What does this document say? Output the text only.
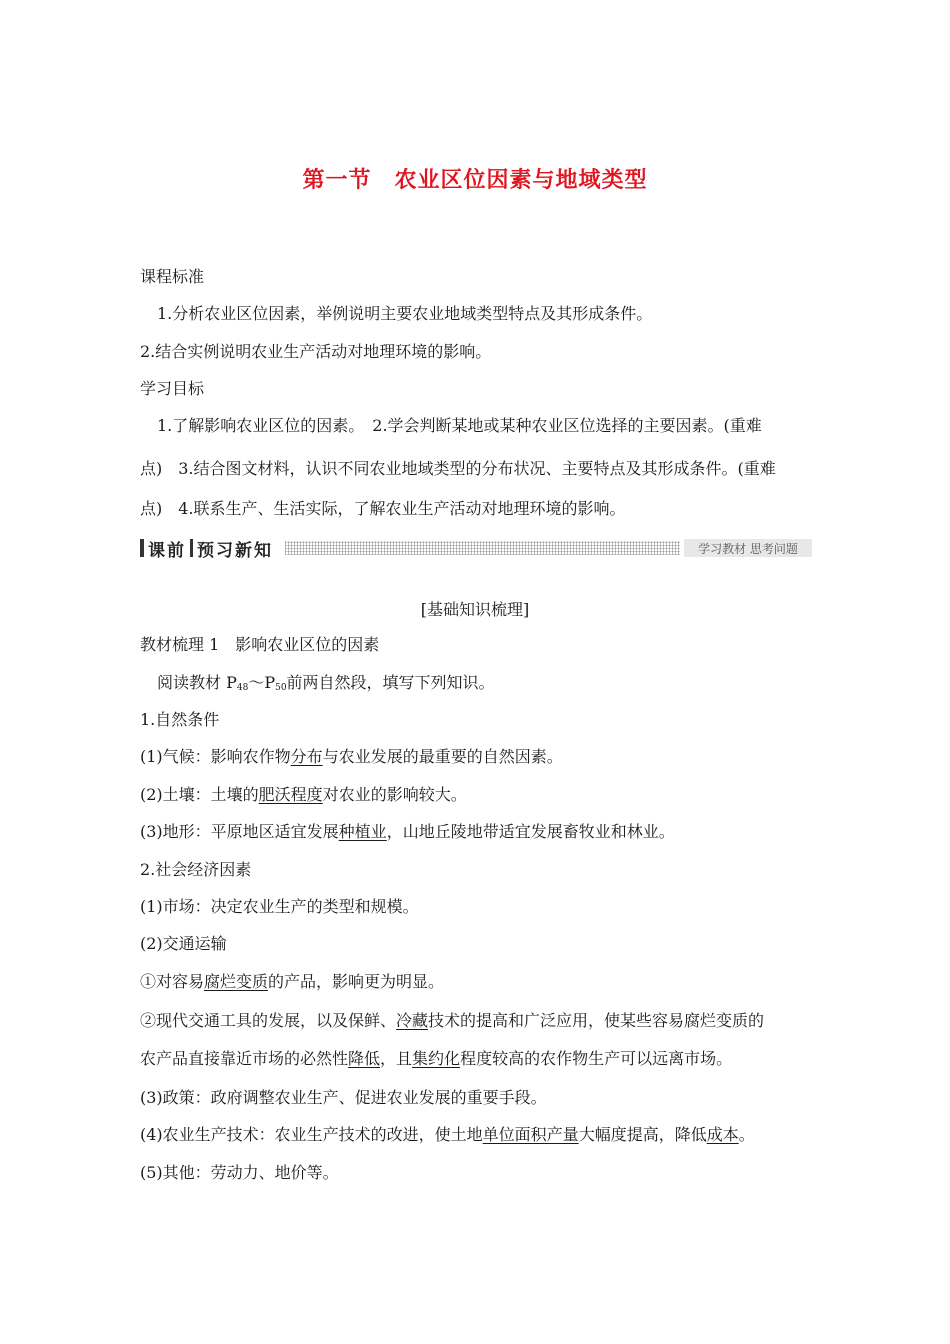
第一节　农业区位因素与地域类型
课程标准
1.分析农业区位因素，举例说明主要农业地域类型特点及其形成条件。
2.结合实例说明农业生产活动对地理环境的影响。
学习目标
1.了解影响农业区位的因素。　2.学会判断某地或某种农业区位选择的主要因素。(重难
点)　3.结合图文材料，认识不同农业地域类型的分布状况、主要特点及其形成条件。(重难
点)　4.联系生产、生活实际，了解农业生产活动对地理环境的影响。
课前 预习新知	学习教材 思考问题
[基础知识梳理]
教材梳理 1　影响农业区位的因素
阅读教材 $P_{48}\sim P_{50}$前两自然段，填写下列知识。
1.自然条件
(1)气候：影响农作物分布与农业发展的最重要的自然因素。
(2)土壤：土壤的肥沃程度对农业的影响较大。
(3)地形：平原地区适宜发展种植业，山地丘陵地带适宜发展畜牧业和林业。
2.社会经济因素
(1)市场：决定农业生产的类型和规模。
(2)交通运输
①对容易腐烂变质的产品，影响更为明显。
②现代交通工具的发展，以及保鲜、冷藏技术的提高和广泛应用，使某些容易腐烂变质的
农产品直接靠近市场的必然性降低，且集约化程度较高的农作物生产可以远离市场。
(3)政策：政府调整农业生产、促进农业发展的重要手段。
(4)农业生产技术：农业生产技术的改进，使土地单位面积产量大幅度提高，降低成本。
(5)其他：劳动力、地价等。
